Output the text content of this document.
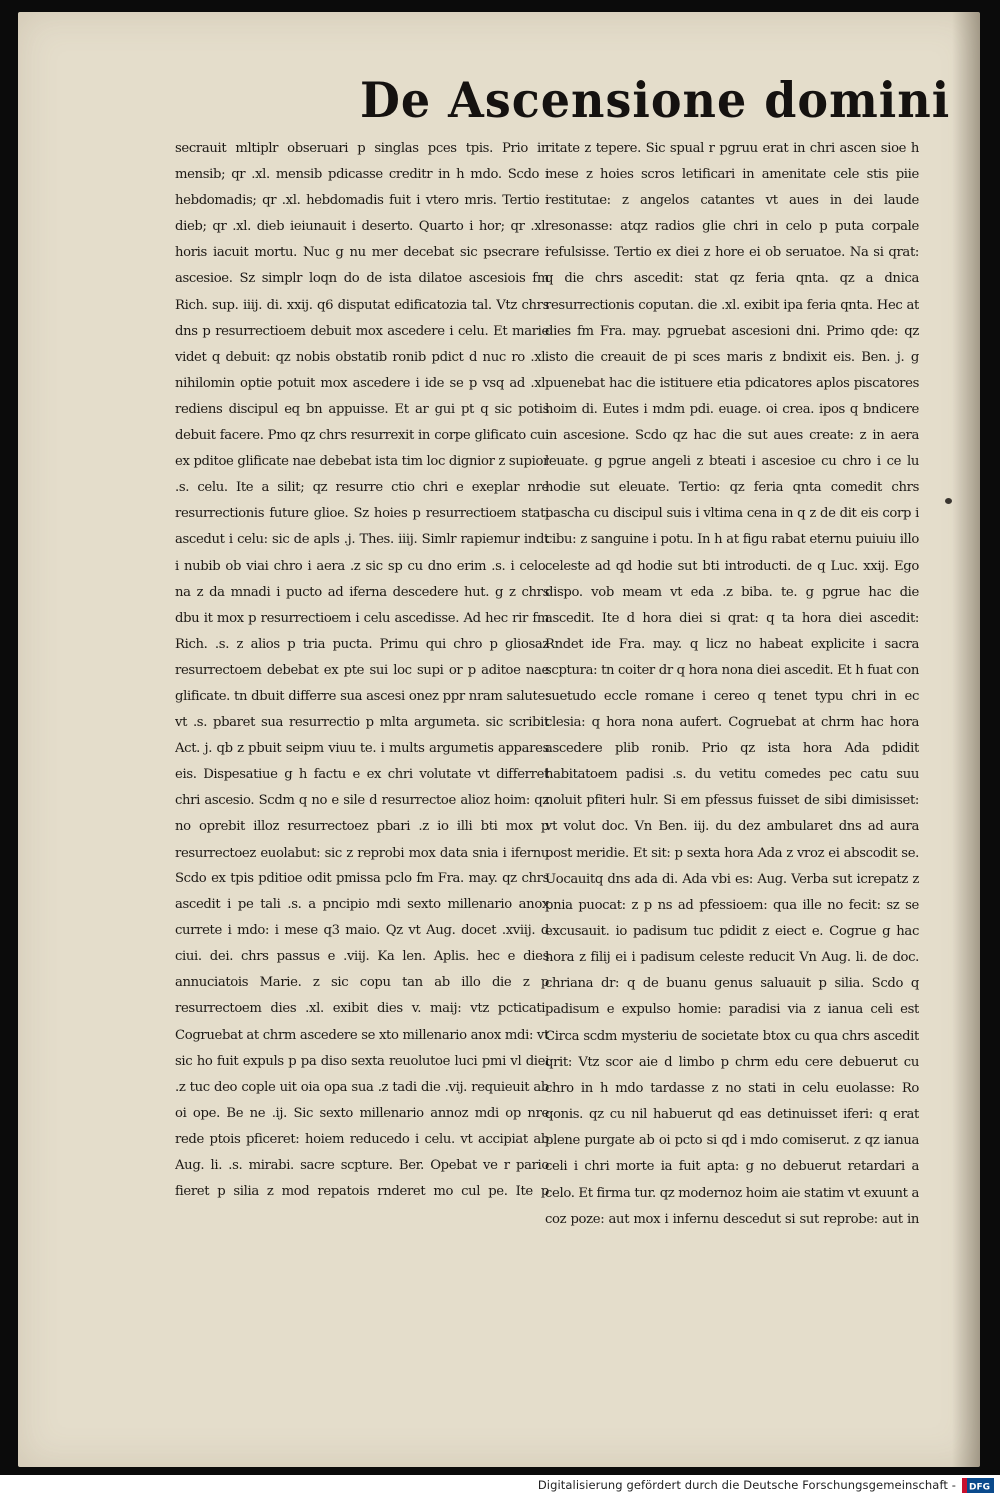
De Ascensione domini

secrauit mltiplr obseruari p singlas pces tpis. Prio in mensib; qr .xl. mensib pdicasse creditr in h mdo. Scdo i hebdomadis; qr .xl. hebdomadis fuit i vtero mris. Tertio i dieb; qr .xl. dieb ieiunauit i deserto. Quarto i hor; qr .xl. horis iacuit mortu. Nuc g nu mer decebat sic psecrare i ascesioe. Sz simplr loqn do de ista dilatoe ascesiois fm Rich. sup. iiij. di. xxij. q6 disputat edificatozia tal. Vtz chrs dns p resurrectioem debuit mox ascedere i celu. Et marie videt q debuit: qz nobis obstatib ronib pdict d nuc ro .xl. nihilomin optie potuit mox ascedere i ide se p vsq ad .xl. rediens discipul eq bn appuisse. Et ar gui pt q sic potis debuit facere. Pmo qz chrs resurrexit in corpe glificato cui ex pditoe glificate nae debebat ista tim loc dignior z supior .s. celu. Ite a silit; qz resurre ctio chri e exeplar nre resurrectionis future glioe. Sz hoies p resurrectioem stati ascedut i celu: sic de apls .j. Thes. iiij. Simlr rapiemur indt i nubib ob viai chro i aera .z sic sp cu dno erim .s. i celo. na z da mnadi i pucto ad iferna descedere hut. g z chrs dbu it mox p resurrectioem i celu ascedisse. Ad hec rir fm Rich. .s. z alios p tria pucta. Primu qui chro p gliosaz resurrectoem debebat ex pte sui loc supi or p aditoe nae glificate. tn dbuit differre sua ascesi onez ppr nram salute: vt .s. pbaret sua resurrectio p mlta argumeta. sic scribit Act. j. qb z pbuit seipm viuu te. i mults argumetis appares eis. Dispesatiue g h factu e ex chri volutate vt differret chri ascesio. Scdm q no e sile d resurrectoe alioz hoim: qz no oprebit illoz resurrectoez pbari .z io illi bti mox p resurrectoez euolabut: sic z reprobi mox data snia i ifernu

Scdo ex tpis pditioe odit pmissa pclo fm Fra. may. qz chrs ascedit i pe tali .s. a pncipio mdi sexto millenario anox currete i mdo: i mese q3 maio. Qz vt Aug. docet .xviij. d ciui. dei. chrs passus e .viij. Ka len. Aplis. hec e dies annuciatois Marie. z sic copu tan ab illo die z p resurrectoem dies .xl. exibit dies v. maij: vtz pcticati. Cogruebat at chrm ascedere se xto millenario anox mdi: vt sic ho fuit expuls p pa diso sexta reuolutoe luci pmi vl diei .z tuc deo cople uit oia opa sua .z tadi die .vij. requieuit ab oi ope. Be ne .ij. Sic sexto millenario annoz mdi op nre rede ptois pficeret: hoiem reducedo i celu. vt accipiat ab Aug. li. .s. mirabi. sacre scpture. Ber. Opebat ve r pario fieret p silia z mod repatois rnderet mo cul pe. Ite p

ritate z tepere. Sic spual r pgruu erat in chri ascen sioe h mese z hoies scros letificari in amenitate cele stis piie restitutae: z angelos catantes vt aues in dei laude resonasse: atqz radios glie chri in celo p puta corpale refulsisse. Tertio ex diei z hore ei ob seruatoe. Na si qrat: q die chrs ascedit: stat qz feria qnta. qz a dnica resurrectionis coputan. die .xl. exibit ipa feria qnta. Hec at dies fm Fra. may. pgruebat ascesioni dni. Primo qde: qz isto die creauit de pi sces maris z bndixit eis. Ben. j. g puenebat hac die istituere etia pdicatores aplos piscatores hoim di. Eutes i mdm pdi. euage. oi crea. ipos q bndicere in ascesione. Scdo qz hac die sut aues create: z in aera leuate. g pgrue angeli z bteati i ascesioe cu chro i ce lu hodie sut eleuate. Tertio: qz feria qnta comedit chrs pascha cu discipul suis i vltima cena in q z de dit eis corp i cibu: z sanguine i potu. In h at figu rabat eternu puiuiu illo celeste ad qd hodie sut bti introducti. de q Luc. xxij. Ego dispo. vob meam vt eda .z biba. te. g pgrue hac die ascedit. Ite d hora diei si qrat: q ta hora diei ascedit: Rndet ide Fra. may. q licz no habeat explicite i sacra scptura: tn coiter dr q hora nona diei ascedit. Et h fuat con suetudo eccle romane i cereo q tenet typu chri in ec clesia: q hora nona aufert. Cogruebat at chrm hac hora ascedere plib ronib. Prio qz ista hora Ada pdidit habitatoem padisi .s. du vetitu comedes pec catu suu noluit pfiteri hulr. Si em pfessus fuisset de sibi dimisisset: vt volut doc. Vn Ben. iij. du dez ambularet dns ad aura post meridie. Et sit: p sexta hora Ada z vroz ei abscodit se. Uocauitq dns ada di. Ada vbi es: Aug. Verba sut icrepatz z pnia puocat: z p ns ad pfessioem: qua ille no fecit: sz se excusauit. io padisum tuc pdidit z eiect e. Cogrue g hac hora z filij ei i padisum celeste reducit Vn Aug. li. de doc. chriana dr: q de buanu genus saluauit p silia. Scdo q padisum e expulso homie: paradisi via z ianua celi est

Circa scdm mysteriu de societate btox cu qua chrs ascedit qrit: Vtz scor aie d limbo p chrm edu cere debuerut cu chro in h mdo tardasse z no stati in celu euolasse: Ro qonis. qz cu nil habuerut qd eas detinuisset iferi: q erat plene purgate ab oi pcto si qd i mdo comiserut. z qz ianua celi i chri morte ia fuit apta: g no debuerut retardari a celo. Et firma tur. qz modernoz hoim aie statim vt exuunt a coz poze: aut mox i infernu descedut si sut reprobe: aut in

Digitalisierung gefördert durch die Deutsche Forschungsgemeinschaft - DFG
